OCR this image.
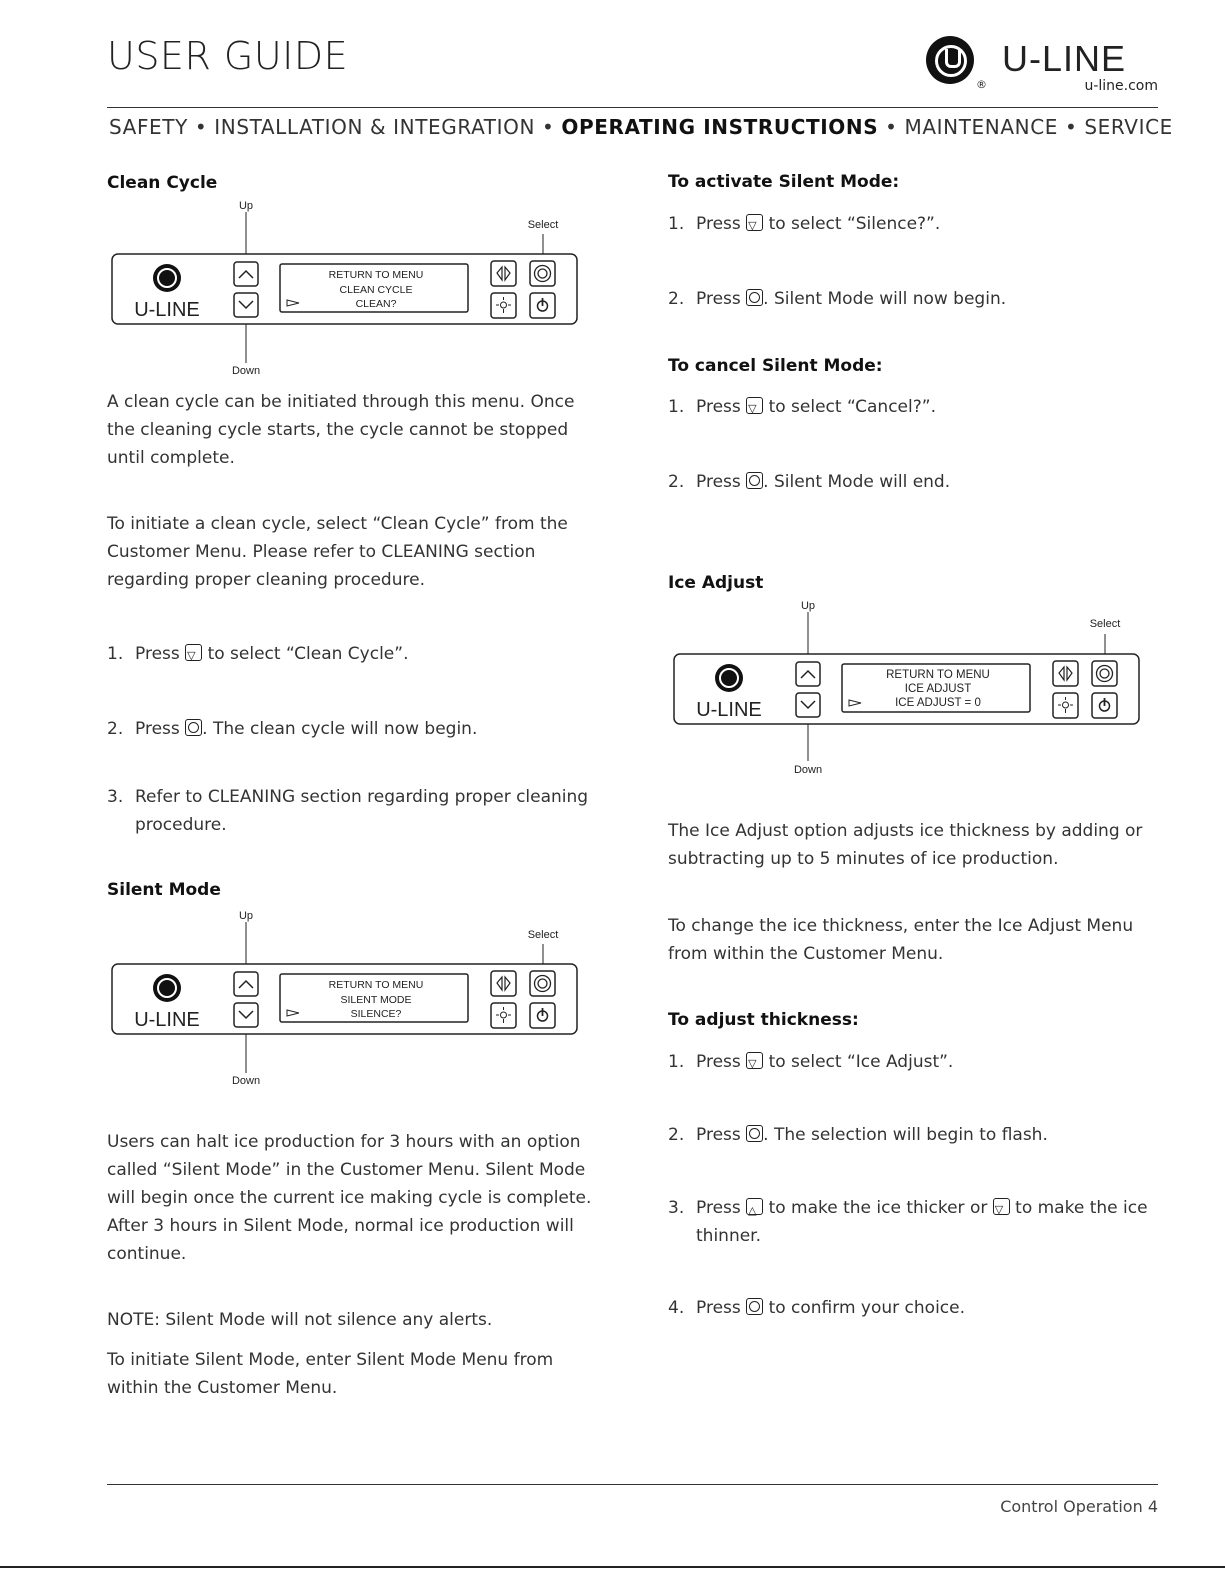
USER GUIDE
®
U-LINE
u-line.com
SAFETY • INSTALLATION & INTEGRATION • OPERATING INSTRUCTIONS • MAINTENANCE • SERVICE
Clean Cycle
Up
Select
Down
U-LINE
RETURN TO MENU
CLEAN CYCLE
CLEAN?
A clean cycle can be initiated through this menu. Once the cleaning cycle starts, the cycle cannot be stopped until complete.
To initiate a clean cycle, select “Clean Cycle” from the Customer Menu. Please refer to CLEANING section regarding proper cleaning procedure.
1. Press ▽ to select “Clean Cycle”.
2. Press . The clean cycle will now begin.
3. Refer to CLEANING section regarding proper cleaning
procedure.
Silent Mode
Up
Select
Down
U-LINE
RETURN TO MENU
SILENT MODE
SILENCE?
Users can halt ice production for 3 hours with an option called “Silent Mode” in the Customer Menu. Silent Mode will begin once the current ice making cycle is complete. After 3 hours in Silent Mode, normal ice production will continue.
NOTE: Silent Mode will not silence any alerts.
To initiate Silent Mode, enter Silent Mode Menu from within the Customer Menu.
To activate Silent Mode:
1. Press ▽ to select “Silence?”.
2. Press . Silent Mode will now begin.
To cancel Silent Mode:
1. Press ▽ to select “Cancel?”.
2. Press . Silent Mode will end.
Ice Adjust
Up
Select
Down
U-LINE
RETURN TO MENU
ICE ADJUST
ICE ADJUST = 0
The Ice Adjust option adjusts ice thickness by adding or subtracting up to 5 minutes of ice production.
To change the ice thickness, enter the Ice Adjust Menu from within the Customer Menu.
To adjust thickness:
1. Press ▽ to select “Ice Adjust”.
2. Press . The selection will begin to flash.
3. Press △ to make the ice thicker or ▽ to make the ice
thinner.
4. Press to confirm your choice.
Control Operation 4
